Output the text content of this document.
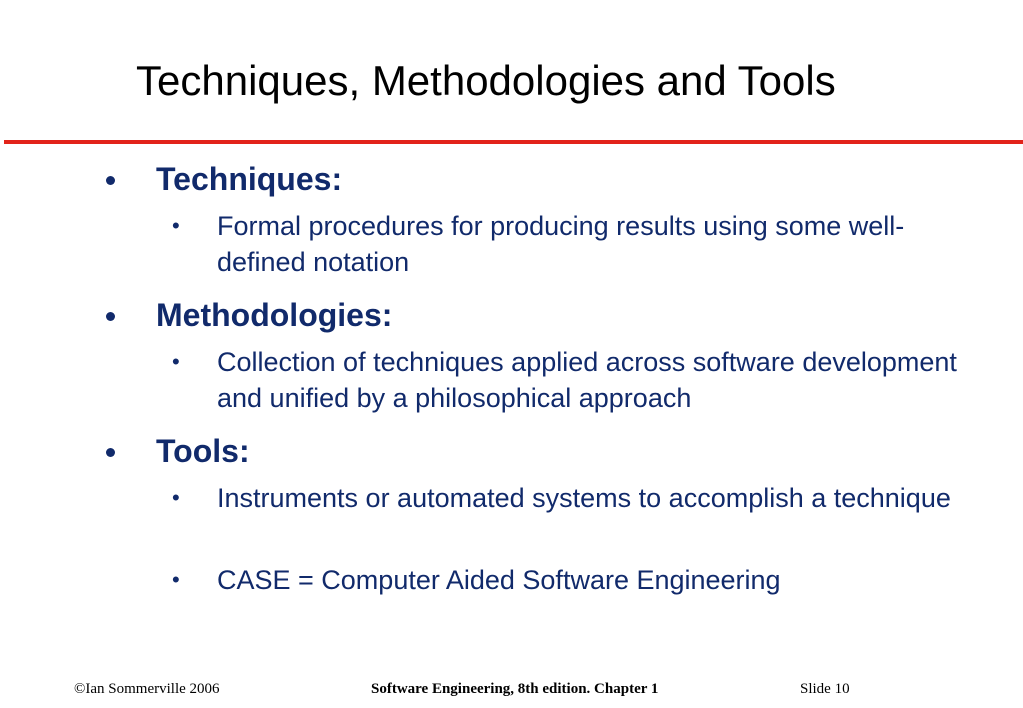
Techniques, Methodologies and Tools
Techniques:
• Formal procedures for producing results using some well-defined notation
Methodologies:
• Collection of techniques applied across software development and unified by a philosophical approach
Tools:
• Instruments or automated systems to accomplish a technique
• CASE = Computer Aided Software Engineering
©Ian Sommerville 2006	Software Engineering, 8th edition. Chapter 1	Slide 10
